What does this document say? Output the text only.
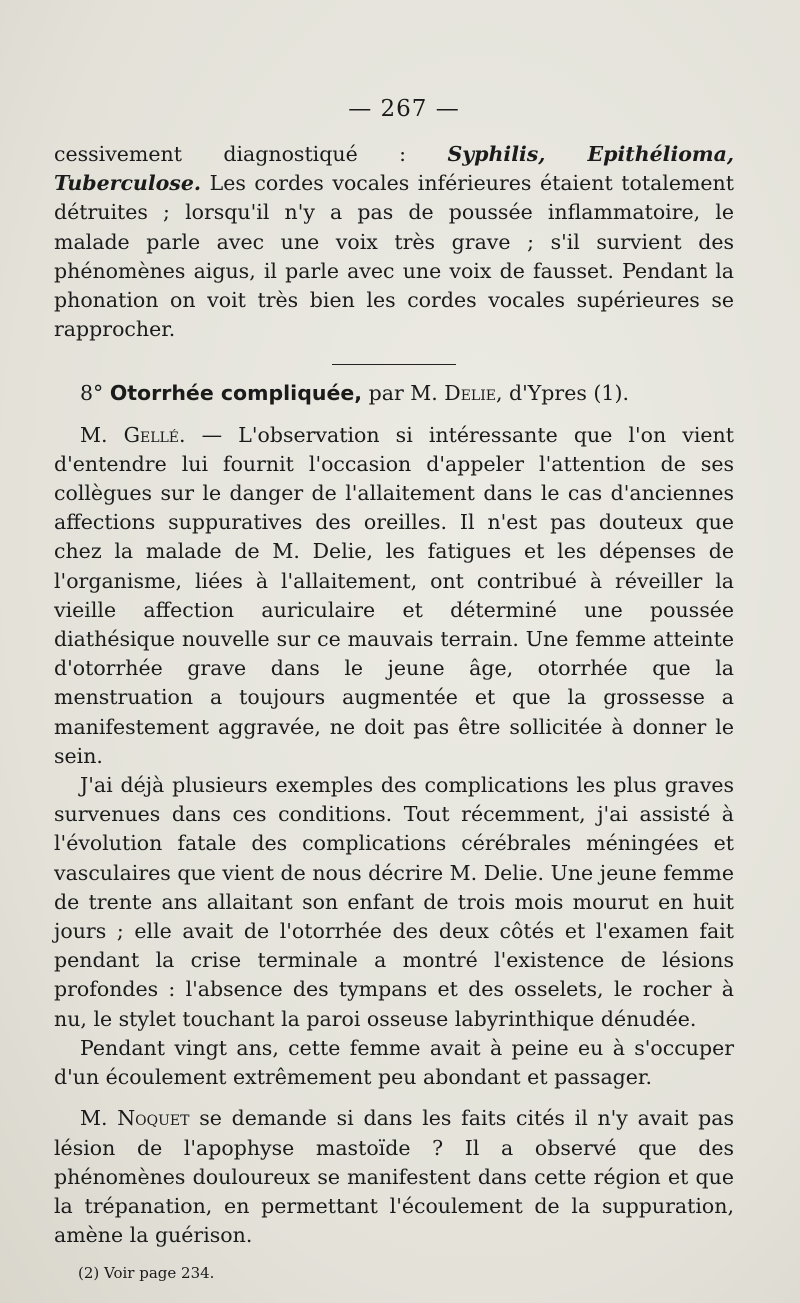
— 267 —

cessivement diagnostiqué : Syphilis, Epithélioma, Tuberculose. Les cordes vocales inférieures étaient totalement détruites ; lorsqu'il n'y a pas de poussée inflammatoire, le malade parle avec une voix très grave ; s'il survient des phénomènes aigus, il parle avec une voix de fausset. Pendant la phonation on voit très bien les cordes vocales supérieures se rapprocher.

8° Otorrhée compliquée, par M. Delie, d'Ypres (1).

M. Gellé. — L'observation si intéressante que l'on vient d'entendre lui fournit l'occasion d'appeler l'attention de ses collègues sur le danger de l'allaitement dans le cas d'anciennes affections suppuratives des oreilles. Il n'est pas douteux que chez la malade de M. Delie, les fatigues et les dépenses de l'organisme, liées à l'allaitement, ont contribué à réveiller la vieille affection auriculaire et déterminé une poussée diathésique nouvelle sur ce mauvais terrain. Une femme atteinte d'otorrhée grave dans le jeune âge, otorrhée que la menstruation a toujours augmentée et que la grossesse a manifestement aggravée, ne doit pas être sollicitée à donner le sein.

J'ai déjà plusieurs exemples des complications les plus graves survenues dans ces conditions. Tout récemment, j'ai assisté à l'évolution fatale des complications cérébrales méningées et vasculaires que vient de nous décrire M. Delie. Une jeune femme de trente ans allaitant son enfant de trois mois mourut en huit jours ; elle avait de l'otorrhée des deux côtés et l'examen fait pendant la crise terminale a montré l'existence de lésions profondes : l'absence des tympans et des osselets, le rocher à nu, le stylet touchant la paroi osseuse labyrinthique dénudée.

Pendant vingt ans, cette femme avait à peine eu à s'occuper d'un écoulement extrêmement peu abondant et passager.

M. Noquet se demande si dans les faits cités il n'y avait pas lésion de l'apophyse mastoïde ? Il a observé que des phénomènes douloureux se manifestent dans cette région et que la trépanation, en permettant l'écoulement de la suppuration, amène la guérison.

(2) Voir page 234.
